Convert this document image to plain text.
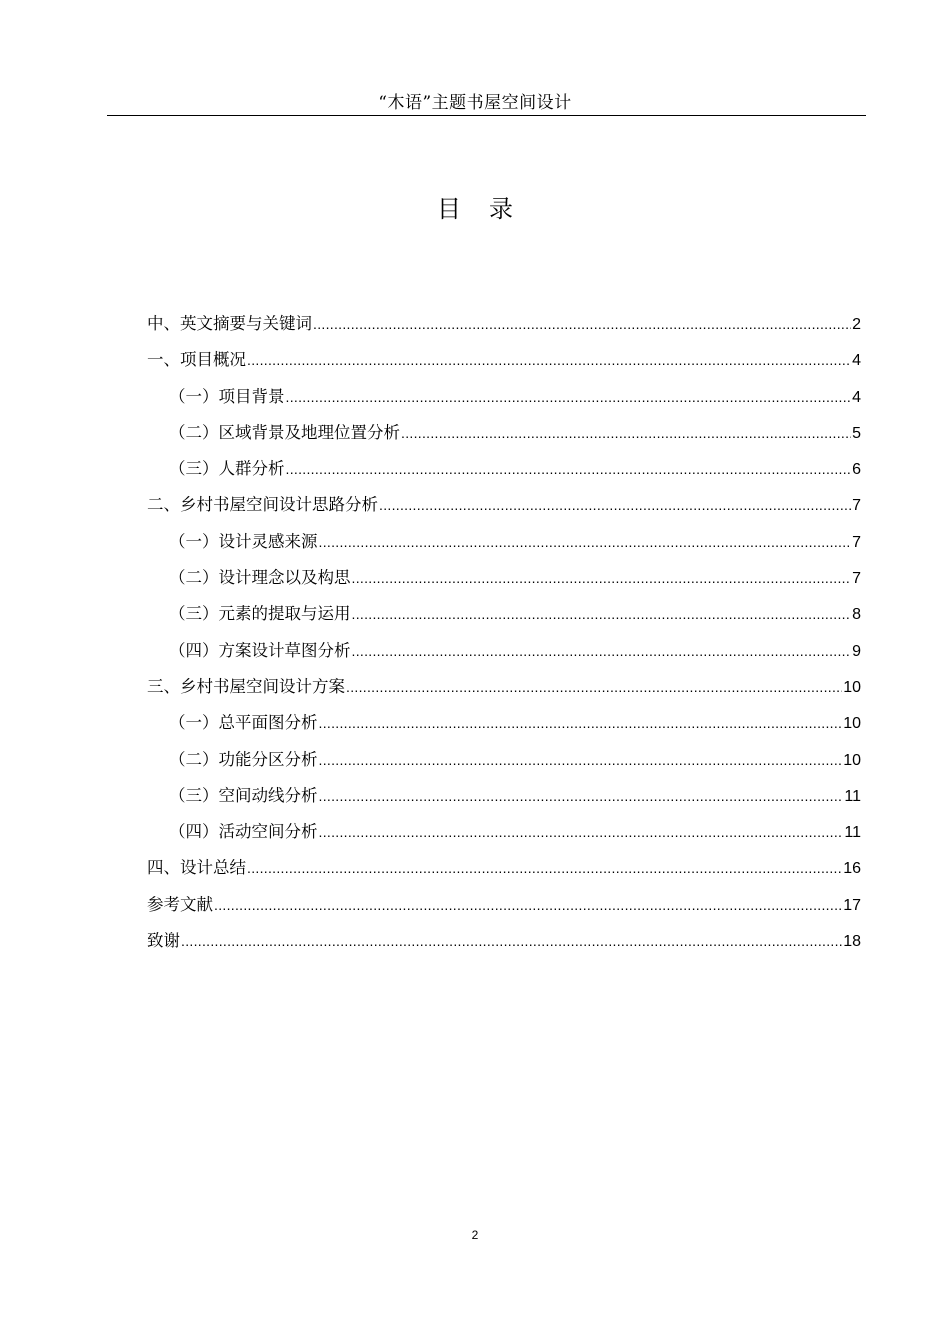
“木语”主题书屋空间设计
目录
中、英文摘要与关键词 .....	2
一、项目概况 .....	4
（一）项目背景 .....	4
（二）区域背景及地理位置分析 .....	5
（三）人群分析 .....	6
二、乡村书屋空间设计思路分析 .....	7
（一）设计灵感来源 .....	7
（二）设计理念以及构思 .....	7
（三）元素的提取与运用 .....	8
（四）方案设计草图分析 .....	9
三、乡村书屋空间设计方案 .....	10
（一）总平面图分析 .....	10
（二）功能分区分析 .....	10
（三）空间动线分析 .....	11
（四）活动空间分析 .....	11
四、设计总结 .....	16
参考文献 .....	17
致谢 .....	18
2
